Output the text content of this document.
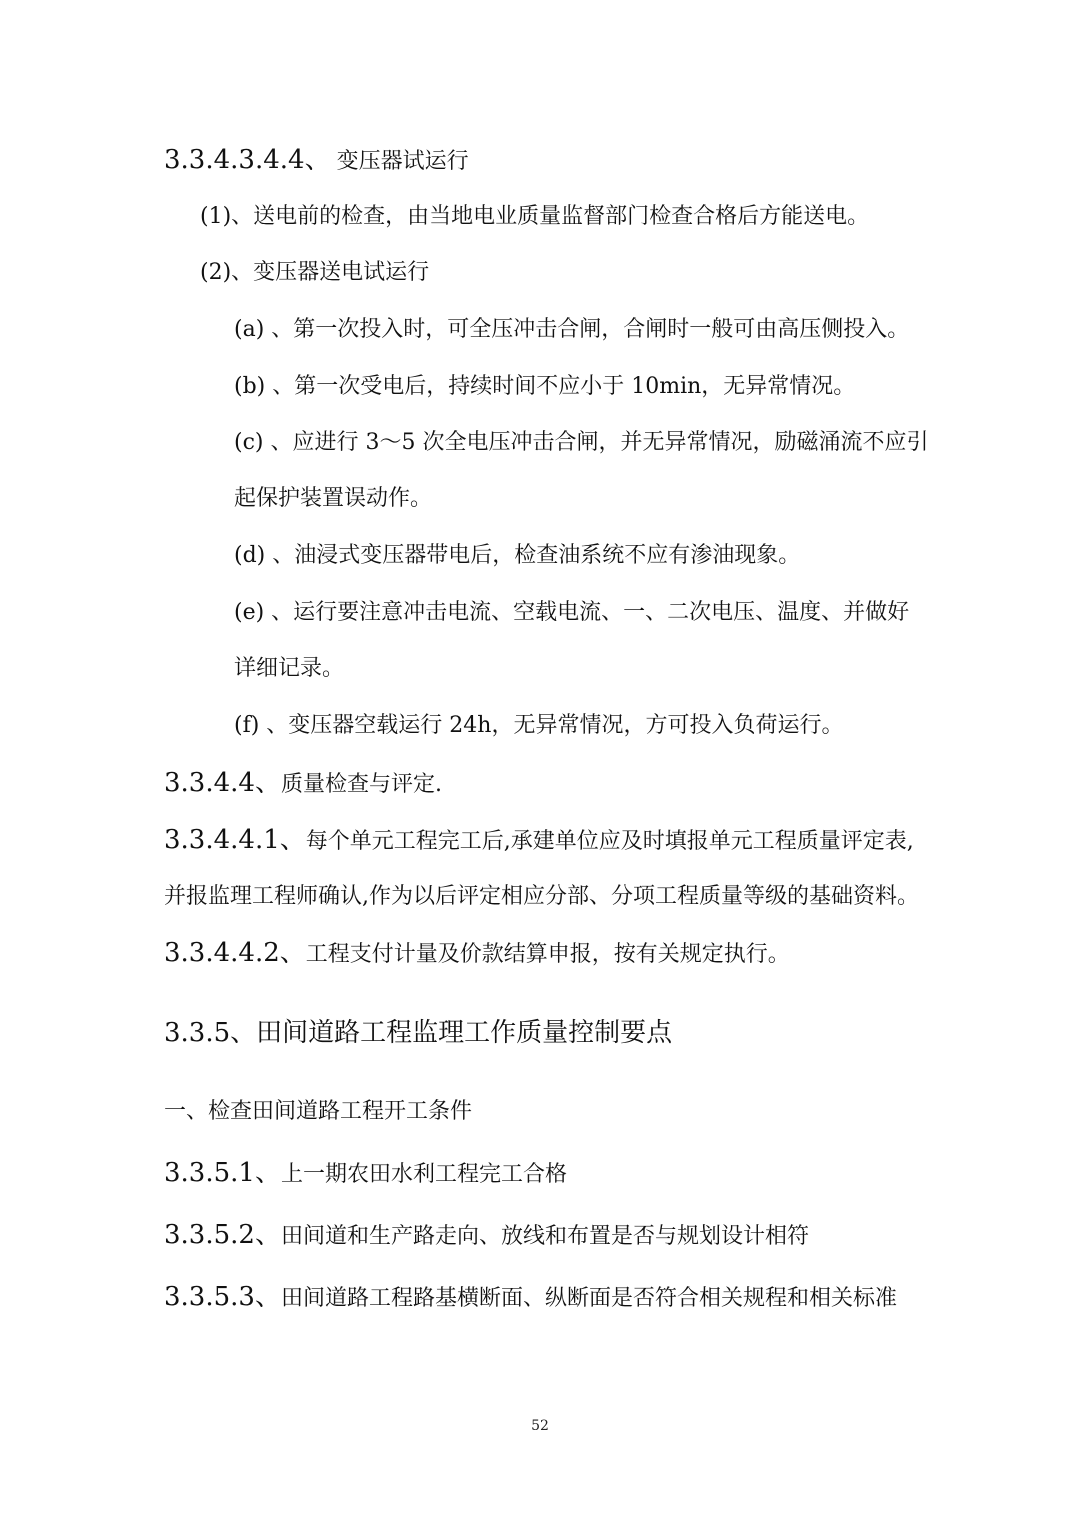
3.3.4.3.4.4、 变压器试运行
(1)、送电前的检查，由当地电业质量监督部门检查合格后方能送电。
(2)、变压器送电试运行
(a) 、第一次投入时，可全压冲击合闸，合闸时一般可由高压侧投入。
(b) 、第一次受电后，持续时间不应小于 10min，无异常情况。
(c) 、应进行 3～5 次全电压冲击合闸，并无异常情况，励磁涌流不应引
起保护装置误动作。
(d) 、油浸式变压器带电后，检查油系统不应有渗油现象。
(e) 、运行要注意冲击电流、空载电流、一、二次电压、温度、并做好
详细记录。
(f) 、变压器空载运行 24h，无异常情况，方可投入负荷运行。
3.3.4.4、质量检查与评定.
3.3.4.4.1、每个单元工程完工后,承建单位应及时填报单元工程质量评定表,
并报监理工程师确认,作为以后评定相应分部、分项工程质量等级的基础资料。
3.3.4.4.2、工程支付计量及价款结算申报，按有关规定执行。
3.3.5、田间道路工程监理工作质量控制要点
一、检查田间道路工程开工条件
3.3.5.1、上一期农田水利工程完工合格
3.3.5.2、田间道和生产路走向、放线和布置是否与规划设计相符
3.3.5.3、田间道路工程路基横断面、纵断面是否符合相关规程和相关标准
52
